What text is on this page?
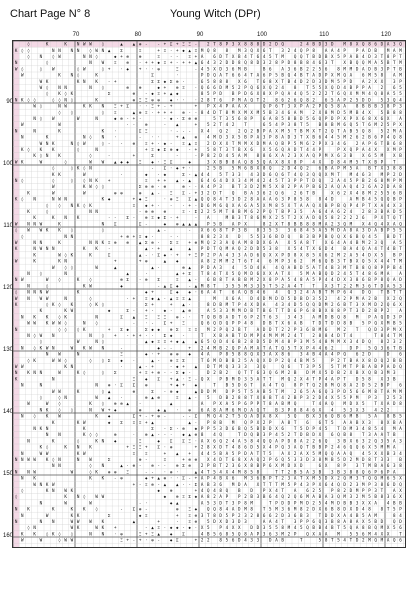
Chart Page N° 8	Young Witch (DPr)
70	80	90	100	110	120
90
100
110
120
130
140
150
160
◊	K	K N W W ◊	▲ ▲ ⊕ - - + Σ + Ξ Ξ - 2 T 8 P 3 X 8 8 8 D 2 D Q	2 4 B D 3 D M 8 X Q 8 6 D A 3 Q
K ◊ ◊	N N N N ◊ W N ▲ Σ	Ξ	+ Ξ · + ◆ ▲ Ξ M Q 8 8 M 3 Q X 6 T 3 2 4 Q P 8 A A 4 P P A D B M A M
◊ N ◊ W	N N ◊	◆ + ⊕ ⊕	Ξ · - Ξ + A 6 D T X B 4 T 6 4 5 T M Q Q T B D B X 5 P A B 4 D 3 T 8 P T
N	◊	N W Ξ ⊕ - + + ◆ Ξ + - + + ▲ 6 4 3 2 D D 8 Q 8 D 3 2 8 P D 8 B 8 4 6 3 T X B Q Q M A 5 B T M
W ◊	◊ W	◊ W	◊ + · ◆ + · · ⊕	Ξ	- 4 5 X D 3 6 M B	B 6 A 3 6 B 2 2 5 6 8 M M D A D B 3 P T B
W	K N ◊	K	Σ	·	P D Q A T 6 6 4 T A 6 P 5 B Q 4 B T A D P X M Q A 6 M 5 8 A M
W K	K N K - +	Σ Σ ◆ Σ ⊕ ·	6 5 8 8 8 X 6 T 6 8 X T B 4 D 2 D 3 D M 5 P D A 2 X X 3 P
W ◊ N N	N ◊	⊕ ⊕	◆ + ⊕ Ξ · Q 6 6 D M 5 2 P Q 6 X Q 2 4 8 T 5 5 X Q D 4 B P P A 2 6 5
◊ K ◊ K	Σ	⊕ - ◆ Ξ + ▲ ◆	8 5 P D B P D 6 X 8 X P Q A 4 Q 5 2 2 2 T 6 Q X M M 4 Q 8 A 5 5
N K ◊ ◊	◊ ◊ N ◊	K	⊕ Ξ Ξ ⊕ ⊕ ◆ · · · 2 8 T 6 P M A Q T 2 8 6 2 6 Q 8 2 6 5 A P 2 5 D D 5 3 Q 4
W ◊	N W	K K N Ξ + Σ · · Ξ + - +	+ P X 4 P A A X	Q P 6 T 3 X P A 2 P Q 5 8 A 8 B B B 3 8 P 3
◊ ◊	◊ Ξ	▲ ⊕ Ξ · + + + ⊕ - - 8 4 D T 8 M X M X M 5 B 3 4 6 A M 2 X 8 M D 5 M B 4 X 5 B 8 8
N ◊ W	W	N	◆ ⊕ - + ·	· ◆ · Σ ⊕ ⊕	5 T 3 5 6 8 P 6 A 8 5 8 B D 5 6 Q P D P X P X 6 8 X 6 X A
W	W	· - ⊕	- ▲	+ 5 2 T 4 2 T	6 5 4 P 3 8 T 5 B 8 B M 6 Q 5 T 6 M 2 5 P X
N	N	K	K ·	Σ Ξ	· - - - X 4 Q 2 2 Q 2 B P A X M 5 T B M X T 2 Q T A B 5 Q 8 5 2 M A
N	K	N ◊ N ·	- · ·	+ ▲ ⊕ 4 M D 3 X 5 B P A 3 P 8 A D 3 T X B 6 4 4 5 M 2 6 2 B 6 P 4 Q 8
W N K	N ◊ W	◊ - - ⊕ Ξ + · ◆ - Ξ ▲ Ξ 2 D X X T M M X D M A Q B P 5 M 6 2 P X 3 4 6 2 A P 6 T B 6 8
K ◊ K K	◊	N	+ Ξ ◆ Σ ⊕ ◆ - + 5 8 T 3 T B X 6 X 5 6 Q A D T 4 4 P	P X Q P A 4 X X M P
K ◊ N K	◊	-	+	Σ	-	- P 8 2 D 4 5 A M 8 8 6 X A 2 3 X A Q P M X 6 3 B X 6 5 M X B
W K	W	◊	W W ▲ ◆ ◆ Ξ ◆ · Ξ Σ	◆	3 X B B 8 A Q 8 5 Q A X 8 X 8 P 4 X D 8 4 M 5 T X B P T
◊	◊ K ◊ N	- Σ · ◆ + ·	2 5 B 5 M 6 B X 8 Q 2 D 4 Q 2 6 B A P M 5 A B T X 3 8 8
K K	W	·	◆ · ◆	Σ - ▲ 4 4 5 T 3 3 4 3 D 6 Q 6 T 4 Q 3 Q Q X M T M 4 6 3 M P 2 D
N ◊	◊	◊ ◊ N K +	Ξ + + ▲ - ▲ 6 4 6 4 D X 3 4 M 4 2 4 5 T 3 P P T D Q 2 A 4 5 P B 2 6 8 M P M
W	K W ◊ ◊	Σ ⊕ ⊕ · ⊕	⊕ - · A 4 P 3 B T 3 D 2 M 5 X 8 2 P A P B 6 2 A Q A Q 4 2 6 A 2 D A 8
K	W	W	⊕ ⊕	⊕ ▲ - Ξ Σ - + 3 2 D T Q B A 3 6 2 Q 6 2 6 T B	X 6 2 X 4 8 M 2 5 5 6 B
K ◊ N	N W N	K ◆	+ ◆ Ξ	· ⊕ Ξ Σ ▲ Q Q 8 4 T 3 D 2 8 A A A 6 3 P 8 5 8 8 4 D	A M B 4 5 Q Q B P
◊ ◊ N K ◊ K	Ξ ◆ + · - · + - D 6 M 6 Q X A 6 A 5 X M 8 5 X T A A Q X B P B Q P 4 P T X A 4 X 3
K	◊	N N	- ⊕ ⊕ ⊕	Ξ · Σ 2 2 5 M T 8 B M 6 2 P Q T B P 3 5 A 6 4 A 6 2 4 2 8 3 B A D 5
K	K N K	· - Σ - ⊕ Ξ ◆ Σ - +	- A	M B 3 T 8 6 M X 2 5 T 2 X A D Q 5 8 2 2 2 2 6 P X T Q T
W N N W	K	N Σ	Σ -	◆ ⊕ ▲ ▲ ▲ P 5 B A P X	8 2 X T 8 B B 8 8 M A 2 3 Q M X 4 Q 4 X A Q
◊ W W K K ◊	◊	▲ -	- X 6 6 8 T P 3 B 8 3 5 3 3 6 8 4 5 A 5 M D A 8 A 3 D A B P 5 5
◊	N N	+ ⊕ + Ξ ◆ ·	- ·	8 8 2 3 X D 5 5 3 6 B D Q B 3 B P B Q Q X 6 B Q 4 5 B D T
W	N N	K	N N K Ξ ⊕ ⊕ ▲ Σ ⊕ · Σ Ξ + ⊕ M Q 2 3 A Q A M 8 D X 6 A X 5 A 8 T X 6 4 A 4 B M 2 3 Q A 5
K	N W N N	K K ·	▲ - + ▲	▲ P D T Q M A Q 2 D D 5 3 8 X 5 4 T X 6 D 4 B A 4 Q A 4 T 4 B T
K	W ◊ K	K	Σ	▲ - · Σ ◆ · + + Ξ P 2 P A 4 3 3 A D 6 Q X X P D 8 X 8 5 X 6 2 M 2 A 5 4 D X 5 B P
W	K	K N	+	+ ⊕	▲ ◆	A 8 2 M M 2 T 6 T 4 6 M P 3 6 2 M 6 Q B 3 T B X Q 5 X 4 4 T M
W ◊ ◊	W	▲	▲ ·	⊕ ▲ P D A 3 4 5 D 4 A 4 Q A B D 5 A T 4 B 3 M T B 8 Q 8 P P B 4
N ◊	N	▲	·	▲ + Σ T 8 4 T X 5 Q M D 6 X X A T X 5 M A B Q D 2 4 5 T 4 8 6 M A A
N W	W ◊	K ◊	⊕ Σ - ⊕ Σ	Ξ ▲ · 6 B 8 T A B B M 2 X 8 P A 5 4 8 A 5 P 4 4 D X 3 8 6 B P 8 Q A D
N	◊	K W	◆	- ▲ Σ ◆ - ▲ M 8 T 3 5 5 M 3 3 5 T 5 2 A 4 T T X 3 T 2 2 M 3 6 T D A 5 3
◊ N N N W	K	◆ +	Σ ◆ ◆ · 6 A 4 T 6 A Q B 4 6 4 Q 3 2 4 A B T M P 6 4 D Q T B T T
W N W W	N	◊	· + Ξ ◆ ▲ · ▲ Ξ Ξ ▲	M X 6 A D 4 D M D D 5 D B D 3 5 2 4 2 P M A 2 B X 2 Q
K	◊ K ◊ K	◊ K ◊	Σ +	+ ▲ ·	8 D B M T P 4 X D A 4 3 4 D 5 Q Q D M 2 6 B T 3 X M D 2 Q 6 X
K	K W	◆	Σ - + - ◆ · ▲ ⊕	A 5 3 3 M M D B T B 6 T T D 6 P 6 8 B X 8 8 P T 3 D 2 B P 2 A
N K K ◊ K	N	Σ ▲ Ξ Ξ Ξ ⊕ - · T Q B B A D T 6 P 2 T 6 3 3 4 3 A M D B Q 8 M P A Q D 3 P
W W K W W ◊	N ◊	- · - Σ + Ξ	Q 6 Q D Q P P 4 8 D B T X 6 A B T D T D D 8 B 5 P Q X M B 5
N	◊ ◊ ◊ K	+ Σ ◆	Σ ◆ ◆ ⊕ Σ Ξ Ξ M 2 P Q 2 B T A D D T 2 2 P 3 6 B M 6 M 2 T Q D 3 P M X
N ◊ W N	N ◊ + - + + · · Σ ◆ -	T X B A B T D M P 4 M M M 2 4 T 2 8 8 4 D T 4	T 8 4 T M
◊	W	N ◊	▲ ◆ Ξ Ξ + ◆ ▲ ▲ 6 5 Q D 4 6 B 2 8 D 5 D M 4 8 P 3 M 5 4 8 M M X 3 4 D Q 8 2 3 2
N ◊ K W N	W K W N	-	◆ - -	+ 2 4 M B 2 Q P A M A T A T Q 5 T X P 4 4 6 2	D P 5 Q 3 6 T B
N W	N	Ξ	◆ · + ⊕ ⊕ ◆ 4 A P 8 5 8 8 Q X 3 A X 8 6 3 4 B 4 A 4 P Q 6 2 D	D 6
◊ K	W W ◊	◊ ◊ Σ ◆ ·	▲ - ⊕ Ξ Σ	T 6 M D B B 2 5 A Q X D P 2 Q 4 B M 5	P 2 T B A X 8 D Q 2 B B
W W	K N	·	▲ - +	- ◆ + ▲ D T M Q 3 3 3 3 Q	Q 6 T 3 P 5 5 T M T P B A B P A D Q
N K N N	W	K ◊	◊ Σ	+ Ξ + ⊕ - - Σ ◆ -	D 2 B 2 Q T T 6 3 Q 6 M 2 B D M X 5 D B 2 X B X Q B 3 M 3
K	N	Ξ ◆ Σ + ▲ · Ξ - Q X P B M D 3 5 A T T M Q 2 X 4 T P 4 A P T D 5 8 X 3 B
N	N	N ⊕ · Σ Σ ⊕	+ ◆ + ◆	T B 5 D 6 T A 4 T Q 8 P T Q 2 8 M Q 8 A 2 D 5 2 B P 6
W W	K	◊ ▲	⊕	Σ - ⊕ ◆	▲ D D M D P 5 T 5 A B 5 T M 2 6 5 A 6 Q 3 P D 5 6 6 M 8 T A M M
◊	◊ N	W ▲ ·	⊕ ▲ ⊕	Ξ ▲ · 5 D B 2 8 8 T X 8 B T 4 2 B P 3 2 D 4 X 5 5 P M P 3 2 5 3
W	W ◊	K ◊ ⊕ ⊕ ▲ -	▲	A P X A 5 P 6 P P T 8 A B M Q	T 4 A Q M D X 5 T X A D 8
N K ◊ ◊	N W + ◆	⊕	◆ ▲ · ⊕ 6 A 8 A M 6 M D A Q T B 3 P 8 8 4 6 X 4 5 3 X 3 4 2 2
N ◊ K W	K ◆	Σ + - + ⊕ -	- - Σ M Q 4 2 T 5 Q A D A 8 X 5 Q B X 3 6 Q B 6 M B 5 A 8 B 5
K	K W	◆ Σ Ξ Ξ + ▲	▲ · P 8 B M Q P X 2 P A 8 T 6 6 T 5 A A B X 3 8 X B A
N K N	K	Σ - Σ · ⊕ ◆ P P 5 3 D 6 B Q 5 B D D X 6 T 5 D P 4 5 T D M 3 4 8 5 4 M A
N N	K ◊ ◊	⊕	· ⊕ ▲ - - · ◆ ▲ ⊕ 8 4 Q	T D Q B 3 P 4 5 2 T D B D X 6 Q B 8 T 3 A A T B
N	K	◊	K N ◆	Ξ	◆ Σ Σ Ξ · A X 6 Q 2 4 A 5 8 4 Q Q A P D 8 A 2 2 6 Q 3 B X 6 3 2 Q 3 5 A 3
K ◊	K N K	+ Ξ Ξ + Σ · ⊕	+ 2 8 X D T 4 8 6 D 5 X 4 P Q 3 A Q T B B P 2 4 6 Q Q 6 X 5 M M A
N	W W	K W	Ξ Ξ	+ ▲ + 4 4 5 B A 5 P D A T T 5 A X 2 A X 5 M Q Q A A Q 4 5 X X B 3 4
N N W W K ◊ N	N W	Σ	⊕ -	Ξ	+ ⊕ ⊕ X 4 D T 6 8 X A Q 2 P 6 Q 5 3 3 D 3 8 M B 5 D 2 M D 8 T 3 3 B
N N	◊ N	▲ · ⊕ - ⊕ - · ⊕ Σ ⊕ 2 P B T 2 3 6 X 8 B P 6 X M D X D	6 X 8 P 3 T M B A 6 3 8
N N W	W	◊ K ⊕ ⊕ Ξ	- - · ⊕ ·	▲ 4 T 5 4 X 4 M 8 5 8	T T 2 B 5 A 3 B 3 B 3 8 8 Q 6 P 6 P A
N K	K K - ⊕	◆ + ▲ ⊕ · · Σ - + A P 4 B X 6 M 3 6 B P T 2 3 A T X M 5 D X 2 Q M 3 T Q Q M 6 5 X
W N K W	+ - Ξ ⊕ - ▲ ▲ · - Σ A B 3 6 M D A X T T T M 5 P 4 3 P X 6 4 Q D 2 3 M P 3 8 6 D Q
◊	K N W K	◆ ⊕	+ 4 Q 4 8 Q B D P X 4 T A 6 2 5 P 8 2 D M P P 3 T A X
◊	K N ◊ W W	◆ ⊕ Ξ Σ ◆ A 8 2 A P P 2 B 3 B 6 4 Q 2 Q 6 M A B A 3 Q M 3 2 M 5 B 8 3 6 X
N	W	W	- ·	◆ ▲	A 5 3 D T 3 P 8 M	T P D D P M D 2 5 4 M D B B 3 X X A 4 B B
N K	K	K K ◊	- Σ ⊕ -	⊕ Ξ ◆ Q Q 8 4 A D M 8 T 5 M 3 6 M 8 2 D X 6 B 8 D X D 4 8 8 T 5 P
N	W	K K	Σ	◆ Ξ	+ Ξ ⊕ 3 T 8 D 5 P 2 3 2 8 6 6 2 D 3 6 B 3 T D D X A 4 B 5 A M	8 4
N	N N	W W W K	▲	+	· Ξ ⊕ 5 D X D 3 D 3	A A 4 T 3 P P 6 Q 3 B 8 A 8 A X 5 B D Q D
◊ N	W K	W K +	- ▲ Ξ · ◆ ◆ - ◆ · X 5 P 4 X X D D 3 5 5 8 M 4 5 Q B B 4 B T 5 Q A 8 B Q M X 5 6
K K ◊ K ◊ ◊	N N · ⊕	Ξ + Ξ ▲ ◆ Σ	4 B 5 6 8 5 Q 8 A P 3 6 3 M 2 P Q X A A M 5 5 6 M 4 X X T
W	W	◊ W W	Ξ + - + · ⊕ - ◆ Σ	+ 2 2 8 5 6 D 4 3 3 D A B	T	5 8 T 5 4 T D 2 M Q M A Q 6
